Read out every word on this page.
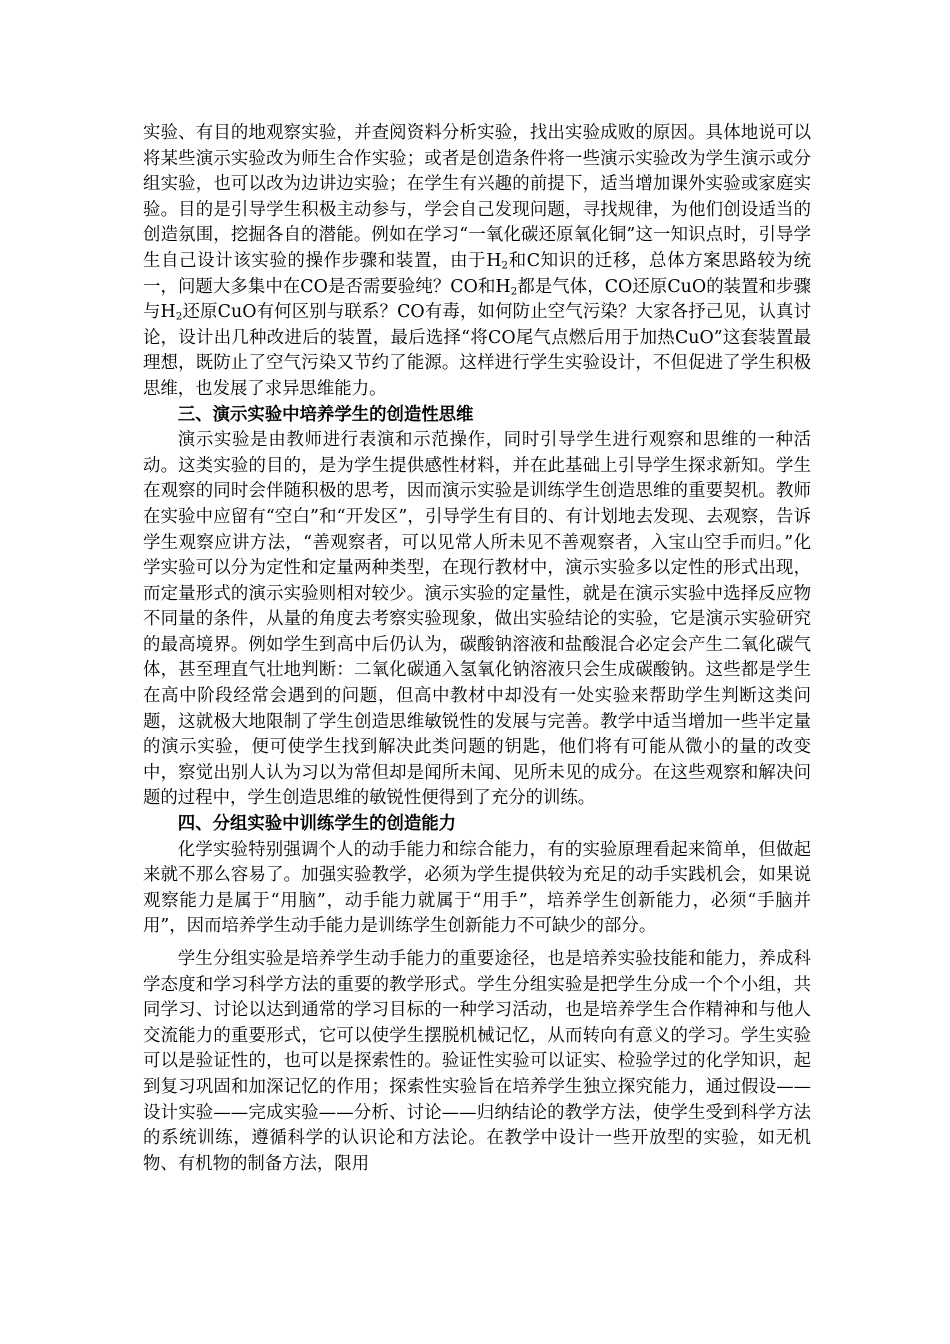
实验、有目的地观察实验，并查阅资料分析实验，找出实验成败的原因。具体地说可以将某些演示实验改为师生合作实验；或者是创造条件将一些演示实验改为学生演示或分组实验，也可以改为边讲边实验；在学生有兴趣的前提下，适当增加课外实验或家庭实验。目的是引导学生积极主动参与，学会自己发现问题，寻找规律，为他们创设适当的创造氛围，挖掘各自的潜能。例如在学习“一氧化碳还原氧化铜”这一知识点时，引导学生自己设计该实验的操作步骤和装置，由于$H_2$和C知识的迁移，总体方案思路较为统一，问题大多集中在CO是否需要验纯？CO和$H_2$都是气体，CO还原CuO的装置和步骤与$H_2$还原CuO有何区别与联系？CO有毒，如何防止空气污染？大家各抒己见，认真讨论，设计出几种改进后的装置，最后选择“将CO尾气点燃后用于加热CuO”这套装置最理想，既防止了空气污染又节约了能源。这样进行学生实验设计，不但促进了学生积极思维，也发展了求异思维能力。

三、演示实验中培养学生的创造性思维

演示实验是由教师进行表演和示范操作，同时引导学生进行观察和思维的一种活动。这类实验的目的，是为学生提供感性材料，并在此基础上引导学生探求新知。学生在观察的同时会伴随积极的思考，因而演示实验是训练学生创造思维的重要契机。教师在实验中应留有“空白”和“开发区”，引导学生有目的、有计划地去发现、去观察，告诉学生观察应讲方法，“善观察者，可以见常人所未见不善观察者，入宝山空手而归。”化学实验可以分为定性和定量两种类型，在现行教材中，演示实验多以定性的形式出现，而定量形式的演示实验则相对较少。演示实验的定量性，就是在演示实验中选择反应物不同量的条件，从量的角度去考察实验现象，做出实验结论的实验，它是演示实验研究的最高境界。例如学生到高中后仍认为，碳酸钠溶液和盐酸混合必定会产生二氧化碳气体，甚至理直气壮地判断：二氧化碳通入氢氧化钠溶液只会生成碳酸钠。这些都是学生在高中阶段经常会遇到的问题，但高中教材中却没有一处实验来帮助学生判断这类问题，这就极大地限制了学生创造思维敏锐性的发展与完善。教学中适当增加一些半定量的演示实验，便可使学生找到解决此类问题的钥匙，他们将有可能从微小的量的改变中，察觉出别人认为习以为常但却是闻所未闻、见所未见的成分。在这些观察和解决问题的过程中，学生创造思维的敏锐性便得到了充分的训练。

四、分组实验中训练学生的创造能力

化学实验特别强调个人的动手能力和综合能力，有的实验原理看起来简单，但做起来就不那么容易了。加强实验教学，必须为学生提供较为充足的动手实践机会，如果说观察能力是属于“用脑”，动手能力就属于“用手”，培养学生创新能力，必须“手脑并用”，因而培养学生动手能力是训练学生创新能力不可缺少的部分。

学生分组实验是培养学生动手能力的重要途径，也是培养实验技能和能力，养成科学态度和学习科学方法的重要的教学形式。学生分组实验是把学生分成一个个小组，共同学习、讨论以达到通常的学习目标的一种学习活动，也是培养学生合作精神和与他人交流能力的重要形式，它可以使学生摆脱机械记忆，从而转向有意义的学习。学生实验可以是验证性的，也可以是探索性的。验证性实验可以证实、检验学过的化学知识，起到复习巩固和加深记忆的作用；探索性实验旨在培养学生独立探究能力，通过假设——设计实验——完成实验——分析、讨论——归纳结论的教学方法，使学生受到科学方法的系统训练，遵循科学的认识论和方法论。在教学中设计一些开放型的实验，如无机物、有机物的制备方法，限用
